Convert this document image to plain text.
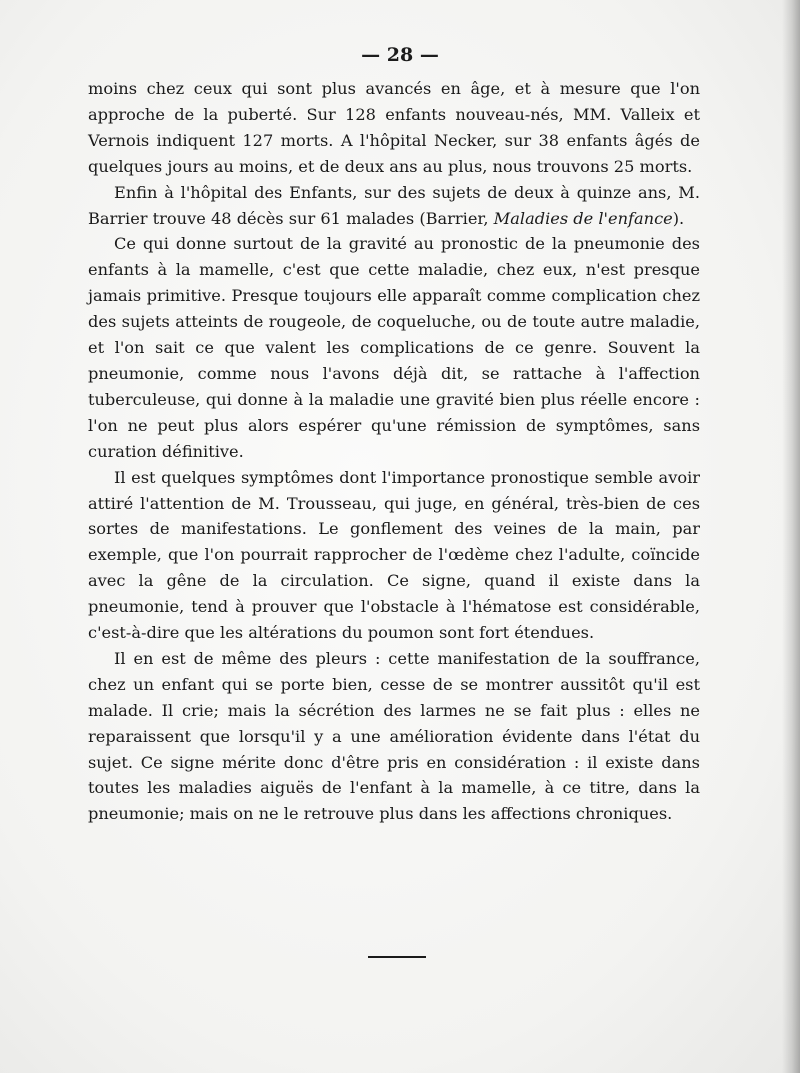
— 28 —

moins chez ceux qui sont plus avancés en âge, et à mesure que l'on approche de la puberté. Sur 128 enfants nouveau-nés, MM. Valleix et Vernois indiquent 127 morts. A l'hôpital Necker, sur 38 enfants âgés de quelques jours au moins, et de deux ans au plus, nous trouvons 25 morts.

Enfin à l'hôpital des Enfants, sur des sujets de deux à quinze ans, M. Barrier trouve 48 décès sur 61 malades (Barrier, Maladies de l'enfance).

Ce qui donne surtout de la gravité au pronostic de la pneumonie des enfants à la mamelle, c'est que cette maladie, chez eux, n'est presque jamais primitive. Presque toujours elle apparaît comme complication chez des sujets atteints de rougeole, de coqueluche, ou de toute autre maladie, et l'on sait ce que valent les complications de ce genre. Souvent la pneumonie, comme nous l'avons déjà dit, se rattache à l'affection tuberculeuse, qui donne à la maladie une gravité bien plus réelle encore : l'on ne peut plus alors espérer qu'une rémission de symptômes, sans curation définitive.

Il est quelques symptômes dont l'importance pronostique semble avoir attiré l'attention de M. Trousseau, qui juge, en général, très-bien de ces sortes de manifestations. Le gonflement des veines de la main, par exemple, que l'on pourrait rapprocher de l'œdème chez l'adulte, coïncide avec la gêne de la circulation. Ce signe, quand il existe dans la pneumonie, tend à prouver que l'obstacle à l'hématose est considérable, c'est-à-dire que les altérations du poumon sont fort étendues.

Il en est de même des pleurs : cette manifestation de la souffrance, chez un enfant qui se porte bien, cesse de se montrer aussitôt qu'il est malade. Il crie; mais la sécrétion des larmes ne se fait plus : elles ne reparaissent que lorsqu'il y a une amélioration évidente dans l'état du sujet. Ce signe mérite donc d'être pris en considération : il existe dans toutes les maladies aiguës de l'enfant à la mamelle, à ce titre, dans la pneumonie; mais on ne le retrouve plus dans les affections chroniques.
